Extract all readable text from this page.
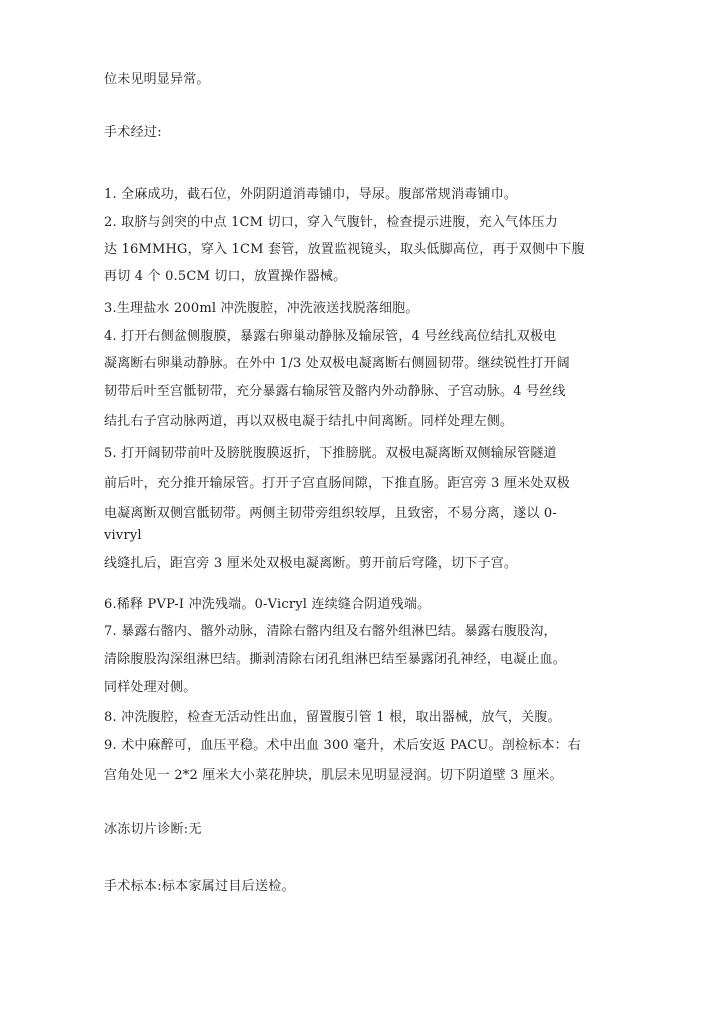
位未见明显异常。
手术经过:
1. 全麻成功，截石位，外阴阴道消毒铺巾，导尿。腹部常规消毒铺巾。
2. 取脐与剑突的中点 1CM 切口，穿入气腹针，检查提示进腹，充入气体压力
达 16MMHG，穿入 1CM 套管，放置监视镜头，取头低脚高位，再于双侧中下腹
再切 4 个 0.5CM 切口，放置操作器械。
3.生理盐水 200ml 冲洗腹腔，冲洗液送找脱落细胞。
4. 打开右侧盆侧腹膜，暴露右卵巢动静脉及输尿管，4 号丝线高位结扎双极电
凝离断右卵巢动静脉。在外中 1/3 处双极电凝离断右侧圆韧带。继续锐性打开阔
韧带后叶至宫骶韧带，充分暴露右输尿管及髂内外动静脉、子宫动脉。4 号丝线
结扎右子宫动脉两道，再以双极电凝于结扎中间离断。同样处理左侧。
5. 打开阔韧带前叶及膀胱腹膜返折，下推膀胱。双极电凝离断双侧输尿管隧道
前后叶，充分推开输尿管。打开子宫直肠间隙，下推直肠。距宫旁 3 厘米处双极
电凝离断双侧宫骶韧带。两侧主韧带旁组织较厚，且致密，不易分离，遂以 0-
vivryl
线缝扎后，距宫旁 3 厘米处双极电凝离断。剪开前后穹隆，切下子宫。
6.稀释 PVP-I 冲洗残端。0-Vicryl 连续缝合阴道残端。
7. 暴露右髂内、髂外动脉，清除右髂内组及右髂外组淋巴结。暴露右腹股沟，
清除腹股沟深组淋巴结。撕剥清除右闭孔组淋巴结至暴露闭孔神经，电凝止血。
同样处理对侧。
8. 冲洗腹腔，检查无活动性出血，留置腹引管 1 根，取出器械，放气，关腹。
9. 术中麻醉可，血压平稳。术中出血 300 毫升，术后安返 PACU。剖检标本：右
宫角处见一 2*2 厘米大小菜花肿块，肌层未见明显浸润。切下阴道壁 3 厘米。
冰冻切片诊断:无
手术标本:标本家属过目后送检。
